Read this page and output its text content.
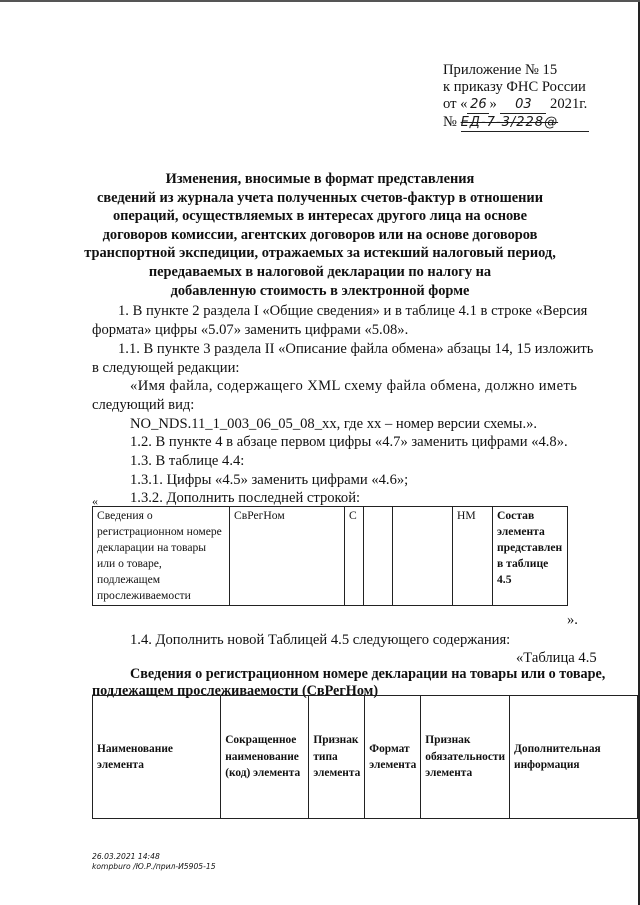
Приложение № 15
к приказу ФНС России
от « 26 » 03 2021г.
№ ЕД-7-3/228@
Изменения, вносимые в формат представления
сведений из журнала учета полученных счетов-фактур в отношении
операций, осуществляемых в интересах другого лица на основе
договоров комиссии, агентских договоров или на основе договоров
транспортной экспедиции, отражаемых за истекший налоговый период,
передаваемых в налоговой декларации по налогу на
добавленную стоимость в электронной форме
1. В пункте 2 раздела I «Общие сведения» и в таблице 4.1 в строке «Версия
формата» цифры «5.07» заменить цифрами «5.08».
1.1. В пункте 3 раздела II «Описание файла обмена» абзацы 14, 15 изложить
в следующей редакции:
«Имя файла, содержащего XML схему файла обмена, должно иметь
следующий вид:
NO_NDS.11_1_003_06_05_08_xx, где xx – номер версии схемы.».
1.2. В пункте 4 в абзаце первом цифры «4.7» заменить цифрами «4.8».
1.3. В таблице 4.4:
1.3.1. Цифры «4.5» заменить цифрами «4.6»;
1.3.2. Дополнить последней строкой:
«
Сведения о регистрационном номере декларации на товары или о товаре, подлежащем прослеживаемости	СвРегНом	С			НМ	Состав элемента представлен в таблице 4.5
».
1.4. Дополнить новой Таблицей 4.5 следующего содержания:
«Таблица 4.5
Сведения о регистрационном номере декларации на товары или о товаре,
подлежащем прослеживаемости (СвРегНом)
Наименование элемента	Сокращенное наименование (код) элемента	Признак типа элемента	Формат элемента	Признак обязательности элемента	Дополнительная информация
26.03.2021 14:48
kompburo /Ю.Р./прил-И5905-15
